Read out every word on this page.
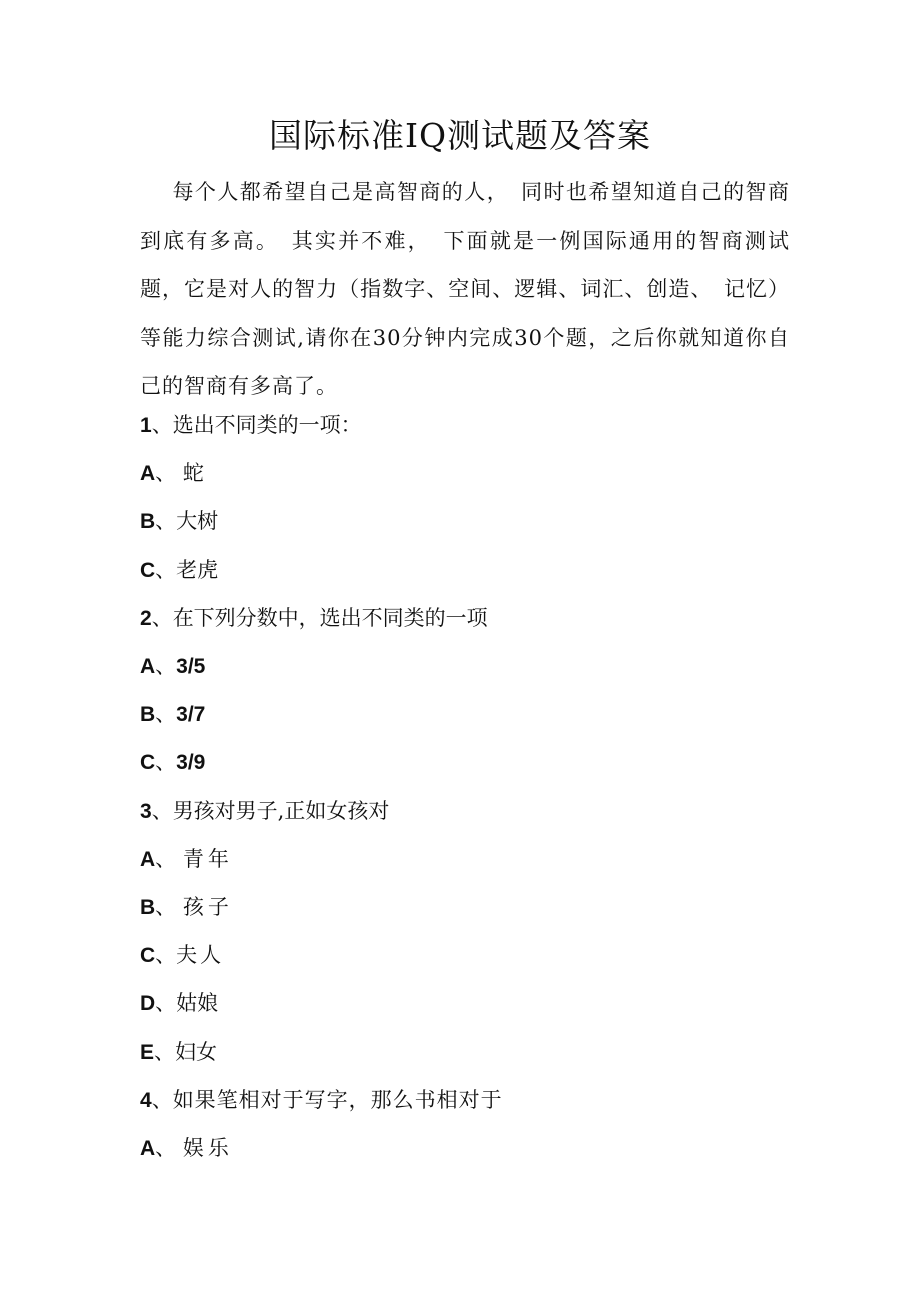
国际标准IQ测试题及答案
每个人都希望自己是高智商的人，　同时也希望知道自己的智商到底有多高。　其实并不难，　下面就是一例国际通用的智商测试题，它是对人的智力（指数字、空间、逻辑、词汇、创造、　记忆）等能力综合测试,请你在30分钟内完成30个题，之后你就知道你自己的智商有多高了。
1、选出不同类的一项：
A、 蛇
B、大树
C、老虎
2、在下列分数中，选出不同类的一项
A、3/5
B、3/7
C、3/9
3、男孩对男子,正如女孩对
A、 青年
B、 孩子
C、夫人
D、姑娘
E、妇女
4、如果笔相对于写字，那么书相对于
A、 娱乐
